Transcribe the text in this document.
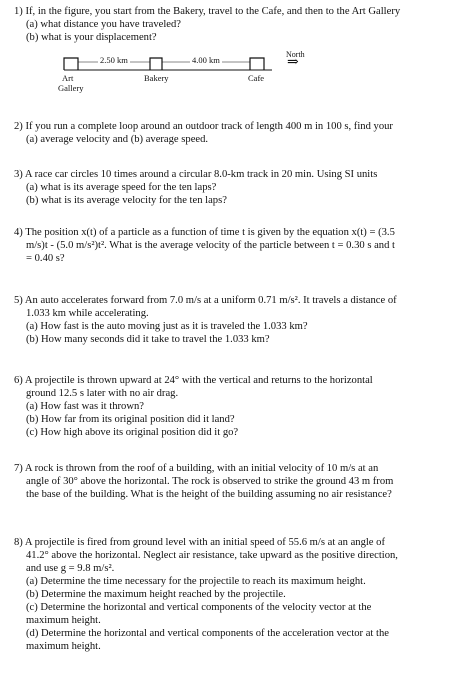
1) If, in the figure, you start from the Bakery, travel to the Cafe, and then to the Art Gallery
(a) what distance you have traveled?
(b) what is your displacement?
2.50 km	4.00 km
Art
Gallery
Bakery	Cafe
North
⇒
2) If you run a complete loop around an outdoor track of length 400 m in 100 s, find your
(a) average velocity and (b) average speed.
3) A race car circles 10 times around a circular 8.0-km track in 20 min. Using SI units
(a) what is its average speed for the ten laps?
(b) what is its average velocity for the ten laps?
4) The position x(t) of a particle as a function of time t is given by the equation x(t) = (3.5
m/s)t - (5.0 m/s²)t². What is the average velocity of the particle between t = 0.30 s and t
= 0.40 s?
5) An auto accelerates forward from 7.0 m/s at a uniform 0.71 m/s². It travels a distance of
1.033 km while accelerating.
(a) How fast is the auto moving just as it is traveled the 1.033 km?
(b) How many seconds did it take to travel the 1.033 km?
6) A projectile is thrown upward at 24° with the vertical and returns to the horizontal
ground 12.5 s later with no air drag.
(a) How fast was it thrown?
(b) How far from its original position did it land?
(c) How high above its original position did it go?
7) A rock is thrown from the roof of a building, with an initial velocity of 10 m/s at an
angle of 30° above the horizontal. The rock is observed to strike the ground 43 m from
the base of the building. What is the height of the building assuming no air resistance?
8) A projectile is fired from ground level with an initial speed of 55.6 m/s at an angle of
41.2° above the horizontal. Neglect air resistance, take upward as the positive direction,
and use g = 9.8 m/s².
(a) Determine the time necessary for the projectile to reach its maximum height.
(b) Determine the maximum height reached by the projectile.
(c) Determine the horizontal and vertical components of the velocity vector at the
maximum height.
(d) Determine the horizontal and vertical components of the acceleration vector at the
maximum height.
